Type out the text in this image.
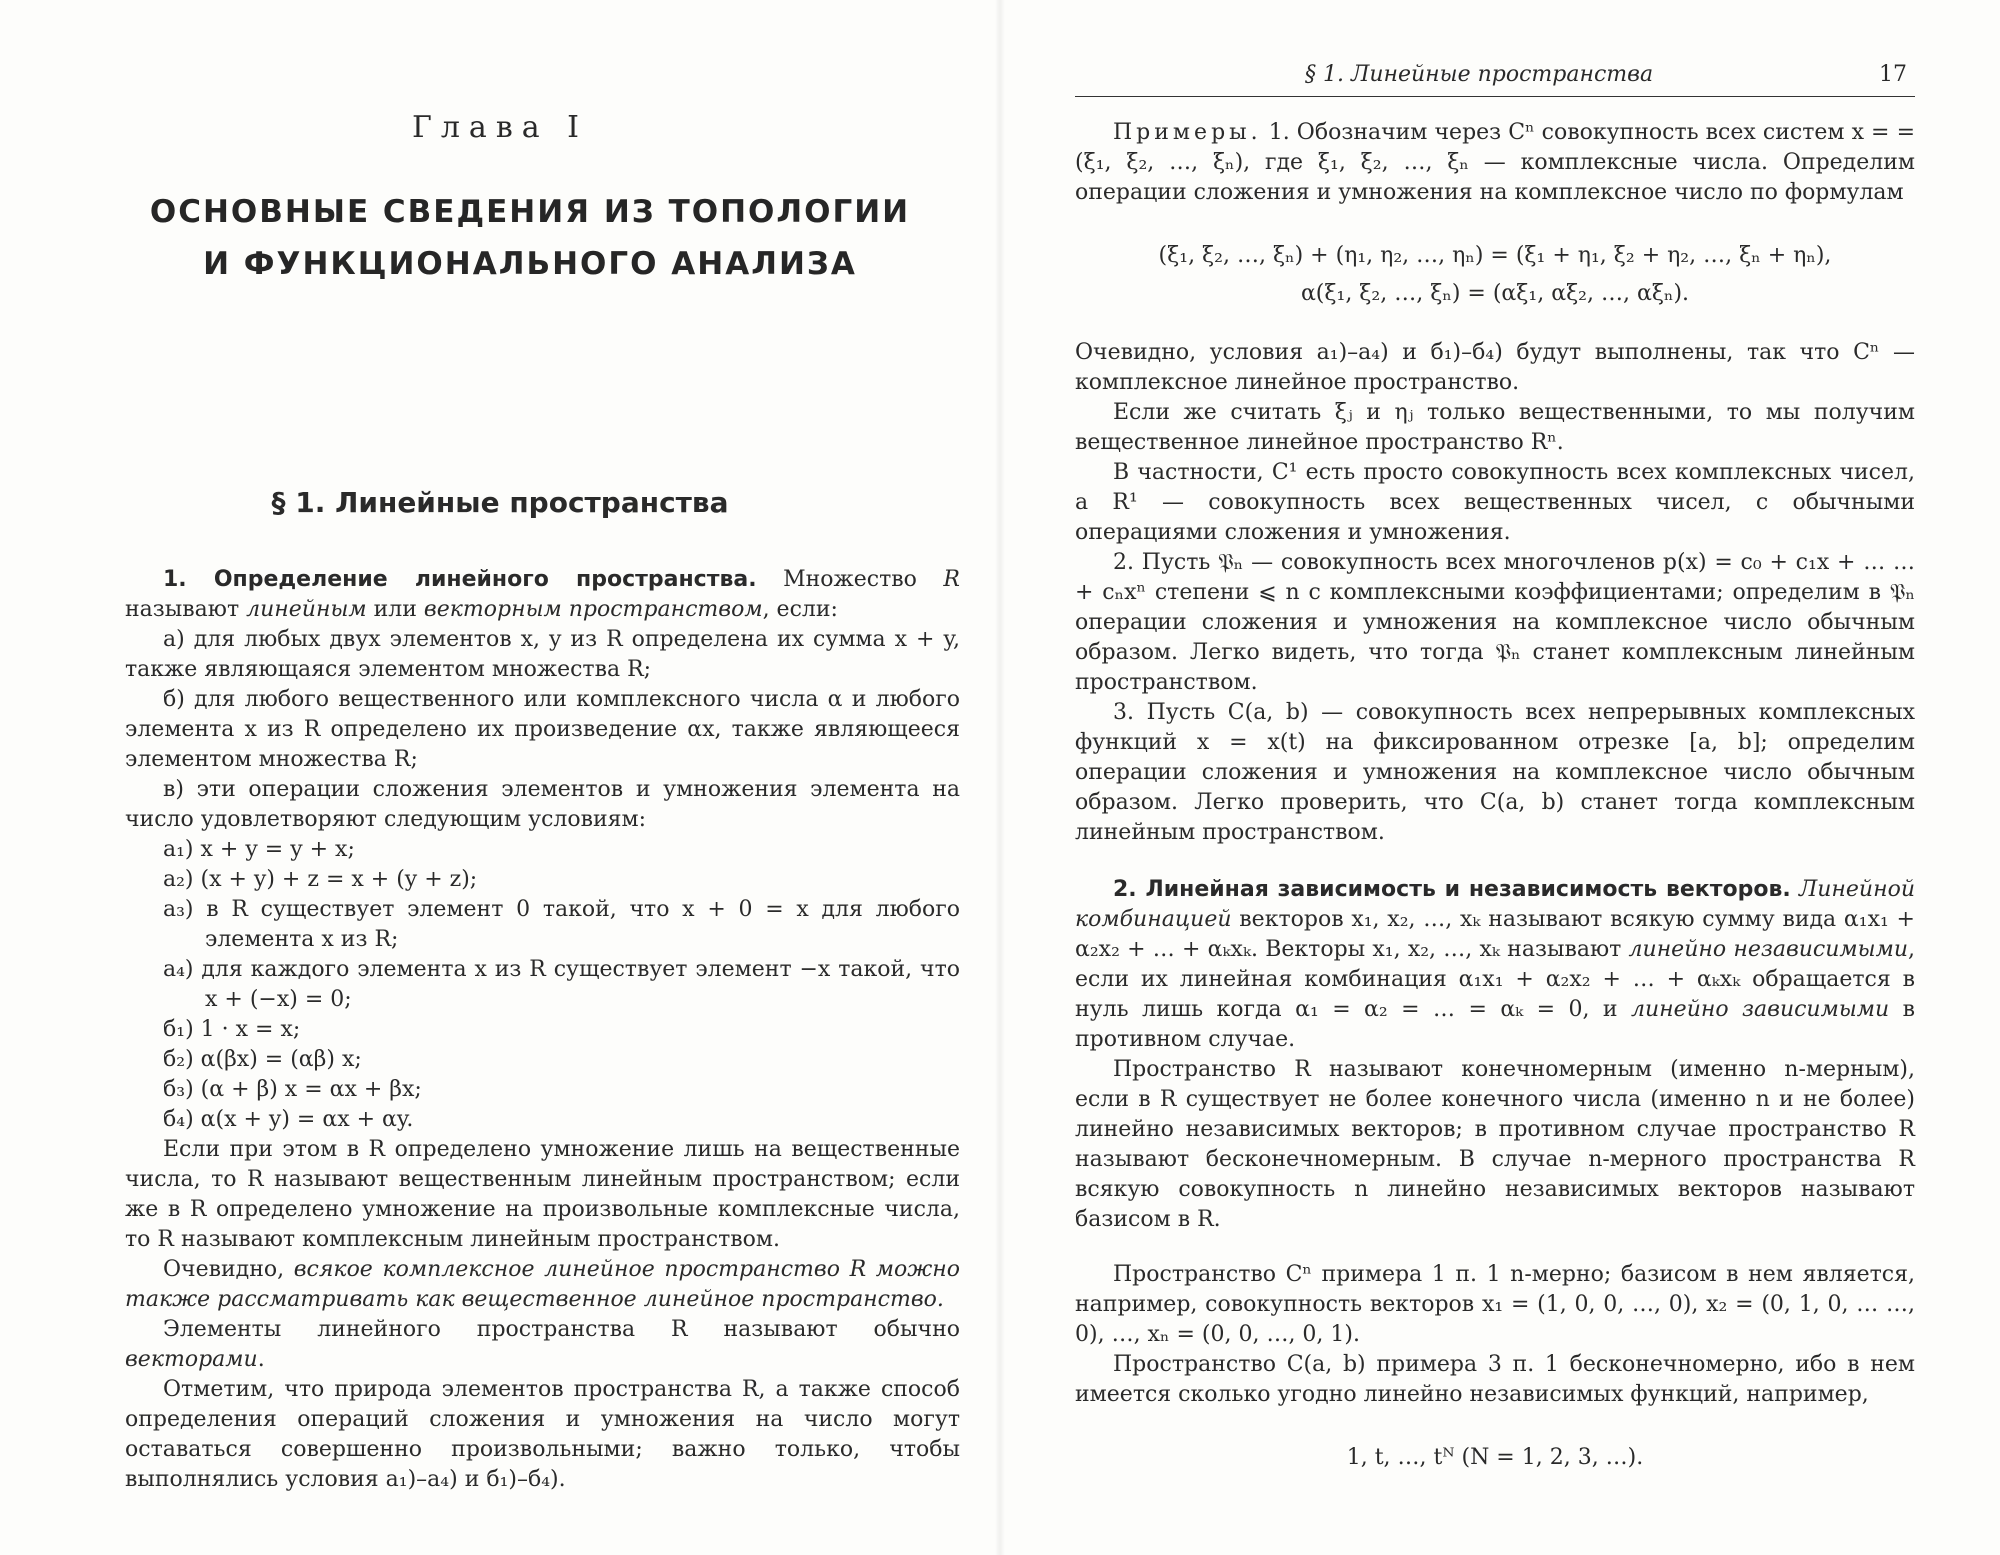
Глава I
ОСНОВНЫЕ СВЕДЕНИЯ ИЗ ТОПОЛОГИИ
И ФУНКЦИОНАЛЬНОГО АНАЛИЗА
§ 1. Линейные пространства

1. Определение линейного пространства. Множество R называют линейным или векторным пространством, если:

а) для любых двух элементов x, y из R определена их сумма x + y, также являющаяся элементом множества R;

б) для любого вещественного или комплексного числа α и любого элемента x из R определено их произведение αx, также являющееся элементом множества R;

в) эти операции сложения элементов и умножения элемента на число удовлетворяют следующим условиям:

а₁) x + y = y + x;

а₂) (x + y) + z = x + (y + z);

а₃) в R существует элемент 0 такой, что x + 0 = x для любого элемента x из R;

а₄) для каждого элемента x из R существует элемент −x такой, что x + (−x) = 0;

б₁) 1 · x = x;

б₂) α(βx) = (αβ) x;

б₃) (α + β) x = αx + βx;

б₄) α(x + y) = αx + αy.

Если при этом в R определено умножение лишь на вещественные числа, то R называют вещественным линейным пространством; если же в R определено умножение на произвольные комплексные числа, то R называют комплексным линейным пространством.

Очевидно, всякое комплексное линейное пространство R можно также рассматривать как вещественное линейное пространство.

Элементы линейного пространства R называют обычно векторами.

Отметим, что природа элементов пространства R, а также способ определения операций сложения и умножения на число могут оставаться совершенно произвольными; важно только, чтобы выполнялись условия а₁)–а₄) и б₁)–б₄).

§ 1. Линейные пространства	17

Примеры. 1. Обозначим через Cⁿ совокупность всех систем x = = (ξ₁, ξ₂, …, ξₙ), где ξ₁, ξ₂, …, ξₙ — комплексные числа. Определим операции сложения и умножения на комплексное число по формулам

(ξ₁, ξ₂, …, ξₙ) + (η₁, η₂, …, ηₙ) = (ξ₁ + η₁, ξ₂ + η₂, …, ξₙ + ηₙ),
α(ξ₁, ξ₂, …, ξₙ) = (αξ₁, αξ₂, …, αξₙ).

Очевидно, условия а₁)–а₄) и б₁)–б₄) будут выполнены, так что Cⁿ — комплексное линейное пространство.

Если же считать ξⱼ и ηⱼ только вещественными, то мы получим вещественное линейное пространство Rⁿ.

В частности, C¹ есть просто совокупность всех комплексных чисел, а R¹ — совокупность всех вещественных чисел, с обычными операциями сложения и умножения.

2. Пусть 𝔓ₙ — совокупность всех многочленов p(x) = c₀ + c₁x + … … + cₙxⁿ степени ⩽ n с комплексными коэффициентами; определим в 𝔓ₙ операции сложения и умножения на комплексное число обычным образом. Легко видеть, что тогда 𝔓ₙ станет комплексным линейным пространством.

3. Пусть C(a, b) — совокупность всех непрерывных комплексных функций x = x(t) на фиксированном отрезке [a, b]; определим операции сложения и умножения на комплексное число обычным образом. Легко проверить, что C(a, b) станет тогда комплексным линейным пространством.

2. Линейная зависимость и независимость векторов. Линейной комбинацией векторов x₁, x₂, …, xₖ называют всякую сумму вида α₁x₁ + α₂x₂ + … + αₖxₖ. Векторы x₁, x₂, …, xₖ называют линейно независимыми, если их линейная комбинация α₁x₁ + α₂x₂ + … + αₖxₖ обращается в нуль лишь когда α₁ = α₂ = … = αₖ = 0, и линейно зависимыми в противном случае.

Пространство R называют конечномерным (именно n-мерным), если в R существует не более конечного числа (именно n и не более) линейно независимых векторов; в противном случае пространство R называют бесконечномерным. В случае n-мерного пространства R всякую совокупность n линейно независимых векторов называют базисом в R.

Пространство Cⁿ примера 1 п. 1 n-мерно; базисом в нем является, например, совокупность векторов x₁ = (1, 0, 0, …, 0), x₂ = (0, 1, 0, … …, 0), …, xₙ = (0, 0, …, 0, 1).

Пространство C(a, b) примера 3 п. 1 бесконечномерно, ибо в нем имеется сколько угодно линейно независимых функций, например,

1, t, …, tᴺ (N = 1, 2, 3, …).
